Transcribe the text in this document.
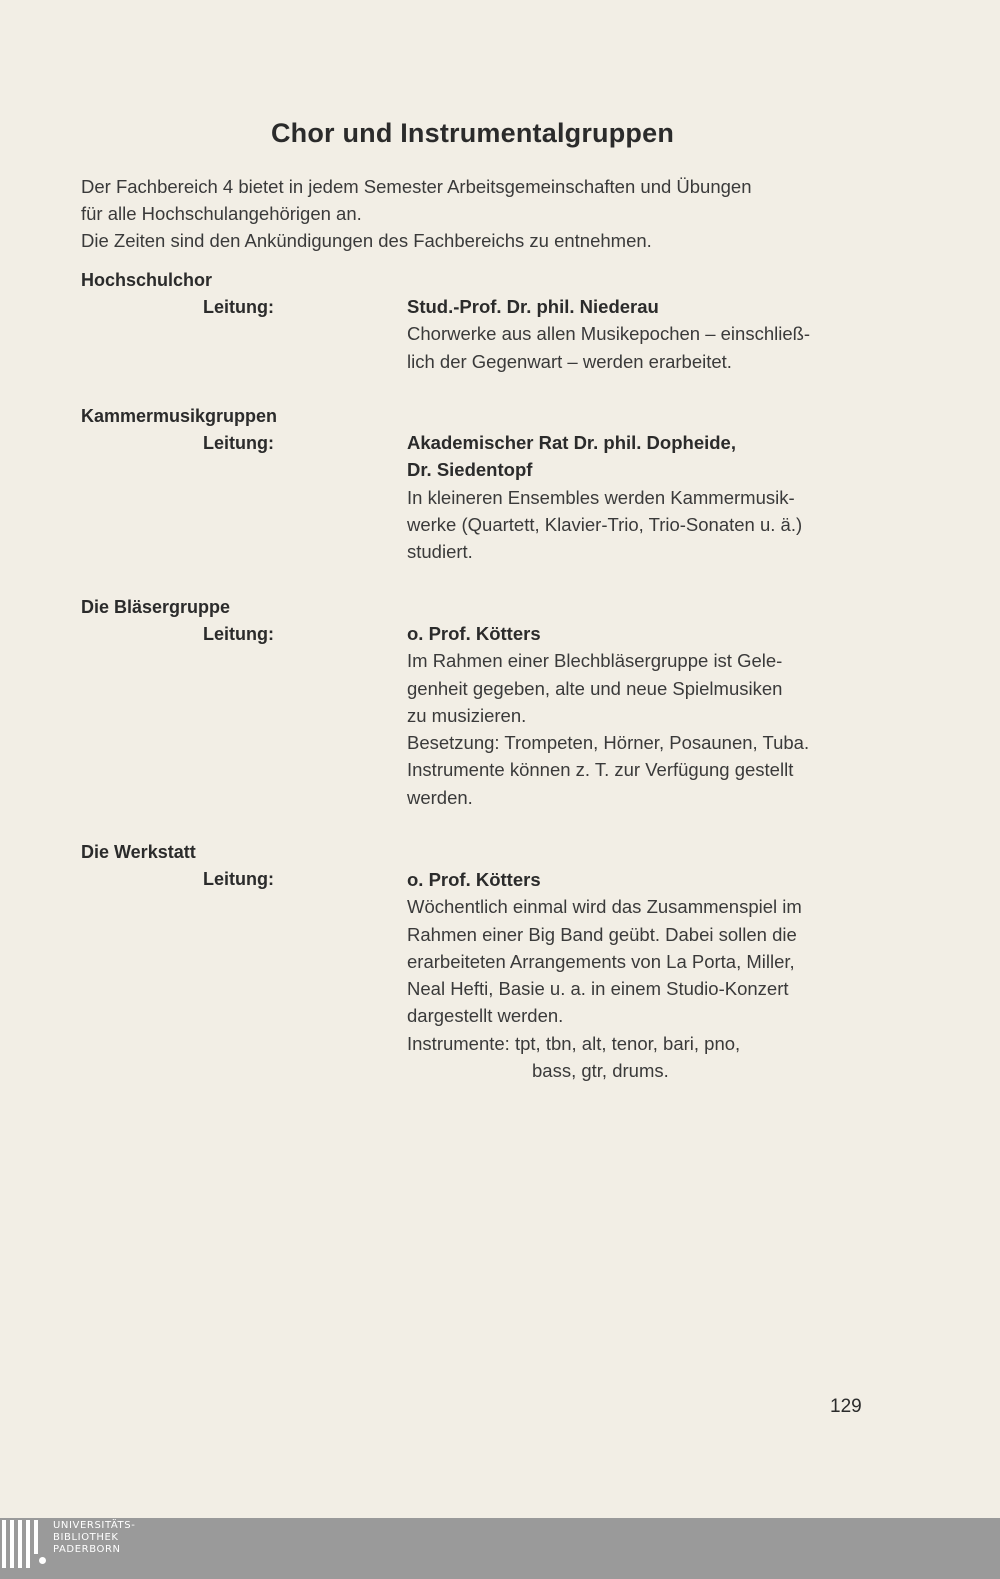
Chor und Instrumentalgruppen
Der Fachbereich 4 bietet in jedem Semester Arbeitsgemeinschaften und Übungen
für alle Hochschulangehörigen an.
Die Zeiten sind den Ankündigungen des Fachbereichs zu entnehmen.
Hochschulchor
Leitung:	Stud.-Prof. Dr. phil. Niederau
Chorwerke aus allen Musikepochen – einschließ-
lich der Gegenwart – werden erarbeitet.
Kammermusikgruppen
Leitung:	Akademischer Rat Dr. phil. Dopheide,
Dr. Siedentopf
In kleineren Ensembles werden Kammermusik-
werke (Quartett, Klavier-Trio, Trio-Sonaten u. ä.)
studiert.
Die Bläsergruppe
Leitung:	o. Prof. Kötters
Im Rahmen einer Blechbläsergruppe ist Gele-
genheit gegeben, alte und neue Spielmusiken
zu musizieren.
Besetzung: Trompeten, Hörner, Posaunen, Tuba.
Instrumente können z. T. zur Verfügung gestellt
werden.
Die Werkstatt
Leitung:	o. Prof. Kötters
Wöchentlich einmal wird das Zusammenspiel im
Rahmen einer Big Band geübt. Dabei sollen die
erarbeiteten Arrangements von La Porta, Miller,
Neal Hefti, Basie u. a. in einem Studio-Konzert
dargestellt werden.
Instrumente: tpt, tbn, alt, tenor, bari, pno,
bass, gtr, drums.
129
UNIVERSITÄTS-
BIBLIOTHEK
PADERBORN
